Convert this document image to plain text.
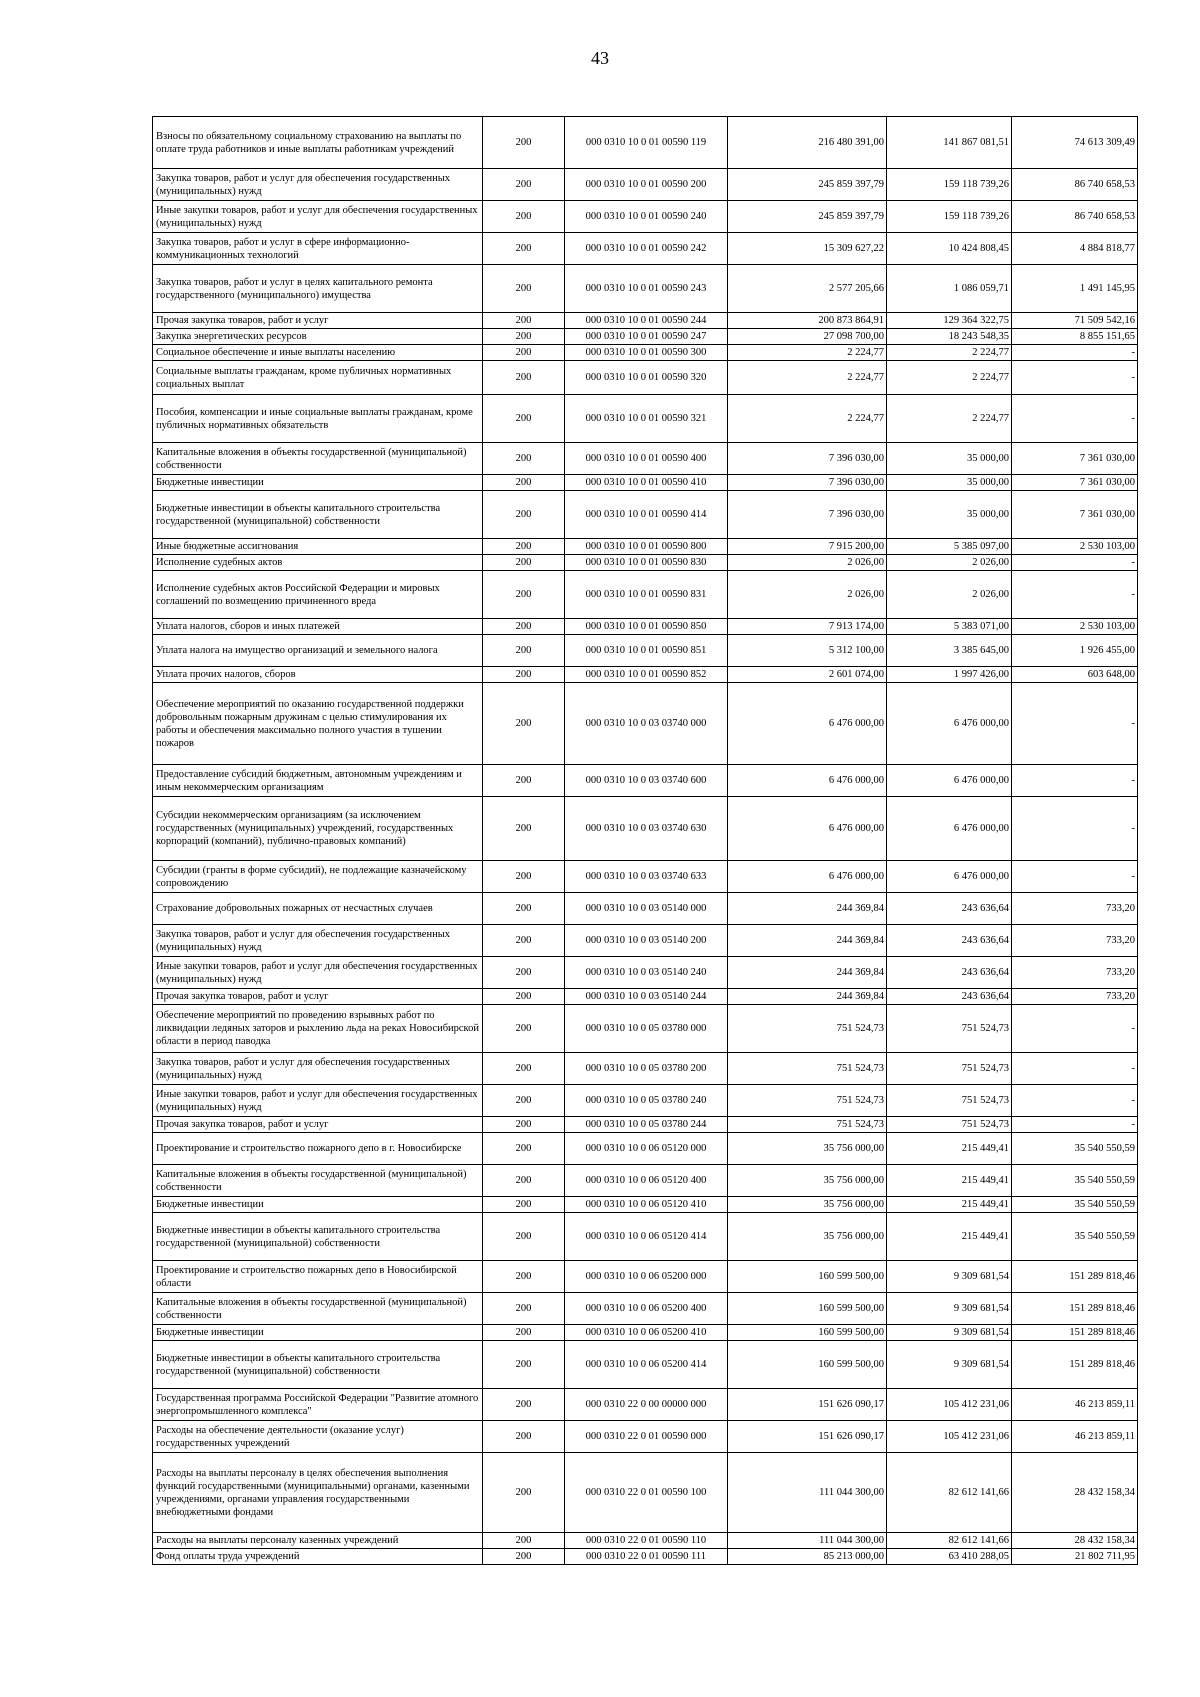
43
Взносы по обязательному социальному страхованию на выплаты по оплате труда работников и иные выплаты работникам учреждений	200	000 0310 10 0 01 00590 119	216 480 391,00	141 867 081,51	74 613 309,49
Закупка товаров, работ и услуг для обеспечения государственных (муниципальных) нужд	200	000 0310 10 0 01 00590 200	245 859 397,79	159 118 739,26	86 740 658,53
Иные закупки товаров, работ и услуг для обеспечения государственных (муниципальных) нужд	200	000 0310 10 0 01 00590 240	245 859 397,79	159 118 739,26	86 740 658,53
Закупка товаров, работ и услуг в сфере информационно-коммуникационных технологий	200	000 0310 10 0 01 00590 242	15 309 627,22	10 424 808,45	4 884 818,77
Закупка товаров, работ и услуг в целях капитального ремонта государственного (муниципального) имущества	200	000 0310 10 0 01 00590 243	2 577 205,66	1 086 059,71	1 491 145,95
Прочая закупка товаров, работ и услуг	200	000 0310 10 0 01 00590 244	200 873 864,91	129 364 322,75	71 509 542,16
Закупка энергетических ресурсов	200	000 0310 10 0 01 00590 247	27 098 700,00	18 243 548,35	8 855 151,65
Социальное обеспечение и иные выплаты населению	200	000 0310 10 0 01 00590 300	2 224,77	2 224,77	-
Социальные выплаты гражданам, кроме публичных нормативных социальных выплат	200	000 0310 10 0 01 00590 320	2 224,77	2 224,77	-
Пособия, компенсации и иные социальные выплаты гражданам, кроме публичных нормативных обязательств	200	000 0310 10 0 01 00590 321	2 224,77	2 224,77	-
Капитальные вложения в объекты государственной (муниципальной) собственности	200	000 0310 10 0 01 00590 400	7 396 030,00	35 000,00	7 361 030,00
Бюджетные инвестиции	200	000 0310 10 0 01 00590 410	7 396 030,00	35 000,00	7 361 030,00
Бюджетные инвестиции в объекты капитального строительства государственной (муниципальной) собственности	200	000 0310 10 0 01 00590 414	7 396 030,00	35 000,00	7 361 030,00
Иные бюджетные ассигнования	200	000 0310 10 0 01 00590 800	7 915 200,00	5 385 097,00	2 530 103,00
Исполнение судебных актов	200	000 0310 10 0 01 00590 830	2 026,00	2 026,00	-
Исполнение судебных актов Российской Федерации и мировых соглашений по возмещению причиненного вреда	200	000 0310 10 0 01 00590 831	2 026,00	2 026,00	-
Уплата налогов, сборов и иных платежей	200	000 0310 10 0 01 00590 850	7 913 174,00	5 383 071,00	2 530 103,00
Уплата налога на имущество организаций и земельного налога	200	000 0310 10 0 01 00590 851	5 312 100,00	3 385 645,00	1 926 455,00
Уплата прочих налогов, сборов	200	000 0310 10 0 01 00590 852	2 601 074,00	1 997 426,00	603 648,00
Обеспечение мероприятий по оказанию государственной поддержки добровольным пожарным дружинам с целью стимулирования их работы и обеспечения максимально полного участия в тушении пожаров	200	000 0310 10 0 03 03740 000	6 476 000,00	6 476 000,00	-
Предоставление субсидий бюджетным, автономным учреждениям и иным некоммерческим организациям	200	000 0310 10 0 03 03740 600	6 476 000,00	6 476 000,00	-
Субсидии некоммерческим организациям (за исключением государственных (муниципальных) учреждений, государственных корпораций (компаний), публично-правовых компаний)	200	000 0310 10 0 03 03740 630	6 476 000,00	6 476 000,00	-
Субсидии (гранты в форме субсидий), не подлежащие казначейскому сопровождению	200	000 0310 10 0 03 03740 633	6 476 000,00	6 476 000,00	-
Страхование добровольных пожарных от несчастных случаев	200	000 0310 10 0 03 05140 000	244 369,84	243 636,64	733,20
Закупка товаров, работ и услуг для обеспечения государственных (муниципальных) нужд	200	000 0310 10 0 03 05140 200	244 369,84	243 636,64	733,20
Иные закупки товаров, работ и услуг для обеспечения государственных (муниципальных) нужд	200	000 0310 10 0 03 05140 240	244 369,84	243 636,64	733,20
Прочая закупка товаров, работ и услуг	200	000 0310 10 0 03 05140 244	244 369,84	243 636,64	733,20
Обеспечение мероприятий по проведению взрывных работ по ликвидации ледяных заторов и рыхлению льда на реках Новосибирской области в период паводка	200	000 0310 10 0 05 03780 000	751 524,73	751 524,73	-
Закупка товаров, работ и услуг для обеспечения государственных (муниципальных) нужд	200	000 0310 10 0 05 03780 200	751 524,73	751 524,73	-
Иные закупки товаров, работ и услуг для обеспечения государственных (муниципальных) нужд	200	000 0310 10 0 05 03780 240	751 524,73	751 524,73	-
Прочая закупка товаров, работ и услуг	200	000 0310 10 0 05 03780 244	751 524,73	751 524,73	-
Проектирование и строительство пожарного депо в г. Новосибирске	200	000 0310 10 0 06 05120 000	35 756 000,00	215 449,41	35 540 550,59
Капитальные вложения в объекты государственной (муниципальной) собственности	200	000 0310 10 0 06 05120 400	35 756 000,00	215 449,41	35 540 550,59
Бюджетные инвестиции	200	000 0310 10 0 06 05120 410	35 756 000,00	215 449,41	35 540 550,59
Бюджетные инвестиции в объекты капитального строительства государственной (муниципальной) собственности	200	000 0310 10 0 06 05120 414	35 756 000,00	215 449,41	35 540 550,59
Проектирование и строительство пожарных депо в Новосибирской области	200	000 0310 10 0 06 05200 000	160 599 500,00	9 309 681,54	151 289 818,46
Капитальные вложения в объекты государственной (муниципальной) собственности	200	000 0310 10 0 06 05200 400	160 599 500,00	9 309 681,54	151 289 818,46
Бюджетные инвестиции	200	000 0310 10 0 06 05200 410	160 599 500,00	9 309 681,54	151 289 818,46
Бюджетные инвестиции в объекты капитального строительства государственной (муниципальной) собственности	200	000 0310 10 0 06 05200 414	160 599 500,00	9 309 681,54	151 289 818,46
Государственная программа Российской Федерации "Развитие атомного энергопромышленного комплекса"	200	000 0310 22 0 00 00000 000	151 626 090,17	105 412 231,06	46 213 859,11
Расходы на обеспечение деятельности (оказание услуг) государственных учреждений	200	000 0310 22 0 01 00590 000	151 626 090,17	105 412 231,06	46 213 859,11
Расходы на выплаты персоналу в целях обеспечения выполнения функций государственными (муниципальными) органами, казенными учреждениями, органами управления государственными внебюджетными фондами	200	000 0310 22 0 01 00590 100	111 044 300,00	82 612 141,66	28 432 158,34
Расходы на выплаты персоналу казенных учреждений	200	000 0310 22 0 01 00590 110	111 044 300,00	82 612 141,66	28 432 158,34
Фонд оплаты труда учреждений	200	000 0310 22 0 01 00590 111	85 213 000,00	63 410 288,05	21 802 711,95
